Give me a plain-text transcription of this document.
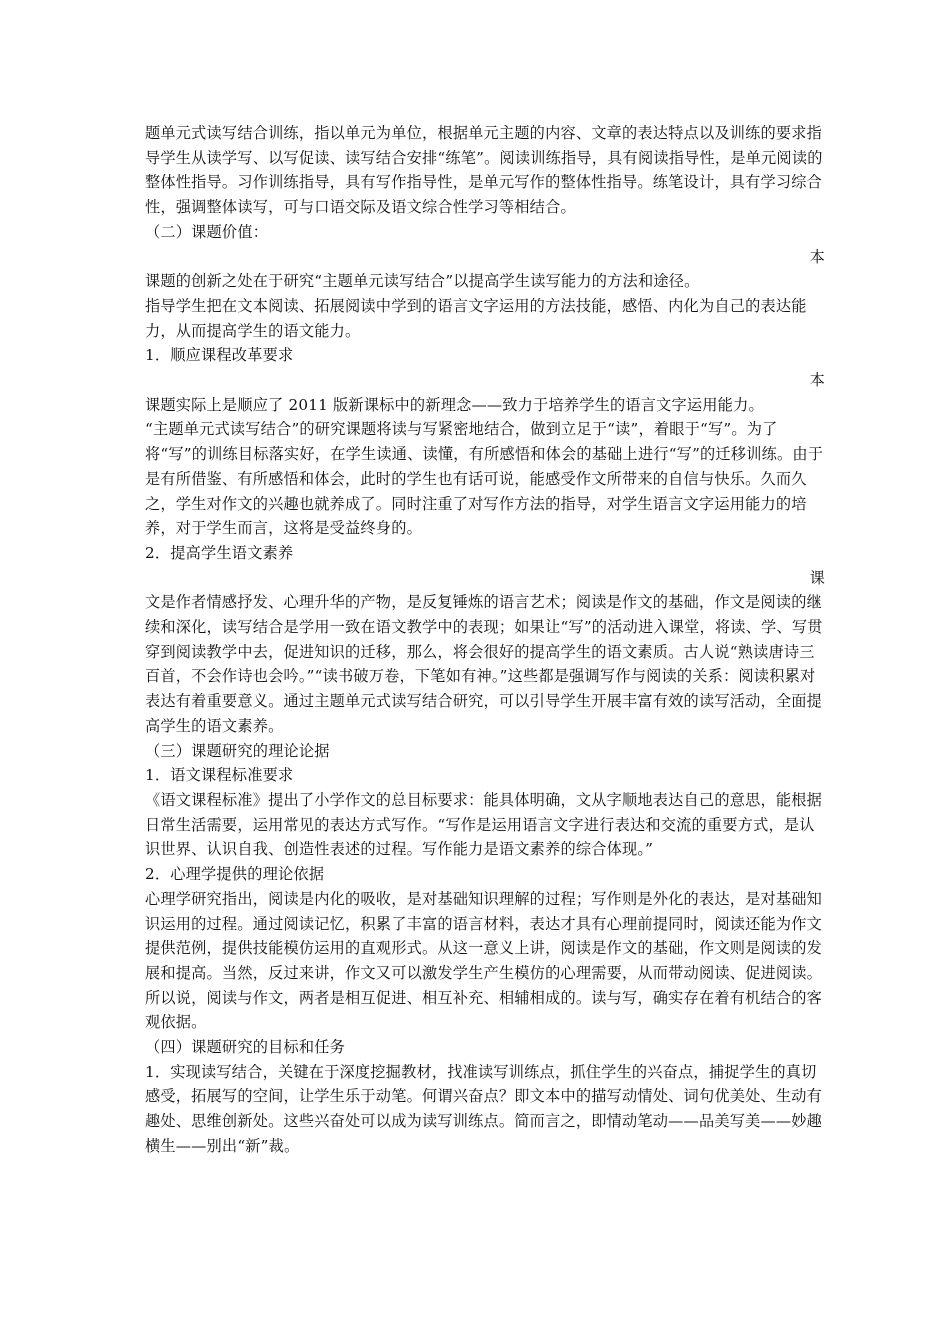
题单元式读写结合训练，指以单元为单位，根据单元主题的内容、文章的表达特点以及训练的要求指导学生从读学写、以写促读、读写结合安排“练笔”。阅读训练指导，具有阅读指导性，是单元阅读的整体性指导。习作训练指导，具有写作指导性，是单元写作的整体性指导。练笔设计，具有学习综合性，强调整体读写，可与口语交际及语文综合性学习等相结合。

（二）课题价值：

本

课题的创新之处在于研究“主题单元读写结合”以提高学生读写能力的方法和途径。

指导学生把在文本阅读、拓展阅读中学到的语言文字运用的方法技能，感悟、内化为自己的表达能力，从而提高学生的语文能力。

1．顺应课程改革要求

本

课题实际上是顺应了 2011 版新课标中的新理念——致力于培养学生的语言文字运用能力。

“主题单元式读写结合”的研究课题将读与写紧密地结合，做到立足于“读”，着眼于“写”。为了将“写”的训练目标落实好，在学生读通、读懂，有所感悟和体会的基础上进行“写”的迁移训练。由于是有所借鉴、有所感悟和体会，此时的学生也有话可说，能感受作文所带来的自信与快乐。久而久之，学生对作文的兴趣也就养成了。同时注重了对写作方法的指导，对学生语言文字运用能力的培养，对于学生而言，这将是受益终身的。

2．提高学生语文素养

课

文是作者情感抒发、心理升华的产物，是反复锤炼的语言艺术；阅读是作文的基础，作文是阅读的继续和深化，读写结合是学用一致在语文教学中的表现；如果让“写”的活动进入课堂，将读、学、写贯穿到阅读教学中去，促进知识的迁移，那么，将会很好的提高学生的语文素质。古人说“熟读唐诗三百首，不会作诗也会吟。”“读书破万卷，下笔如有神。”这些都是强调写作与阅读的关系：阅读积累对表达有着重要意义。通过主题单元式读写结合研究，可以引导学生开展丰富有效的读写活动，全面提高学生的语文素养。

（三）课题研究的理论论据

1．语文课程标准要求

《语文课程标准》提出了小学作文的总目标要求：能具体明确，文从字顺地表达自己的意思，能根据日常生活需要，运用常见的表达方式写作。“写作是运用语言文字进行表达和交流的重要方式，是认识世界、认识自我、创造性表述的过程。写作能力是语文素养的综合体现。”

2．心理学提供的理论依据

心理学研究指出，阅读是内化的吸收，是对基础知识理解的过程；写作则是外化的表达，是对基础知识运用的过程。通过阅读记忆，积累了丰富的语言材料，表达才具有心理前提同时，阅读还能为作文提供范例，提供技能模仿运用的直观形式。从这一意义上讲，阅读是作文的基础，作文则是阅读的发展和提高。当然，反过来讲，作文又可以激发学生产生模仿的心理需要，从而带动阅读、促进阅读。所以说，阅读与作文，两者是相互促进、相互补充、相辅相成的。读与写，确实存在着有机结合的客观依据。

（四）课题研究的目标和任务

1．实现读写结合，关键在于深度挖掘教材，找准读写训练点，抓住学生的兴奋点，捕捉学生的真切感受，拓展写的空间，让学生乐于动笔。何谓兴奋点？即文本中的描写动情处、词句优美处、生动有趣处、思维创新处。这些兴奋处可以成为读写训练点。简而言之，即情动笔动——品美写美——妙趣横生——别出“新”裁。
